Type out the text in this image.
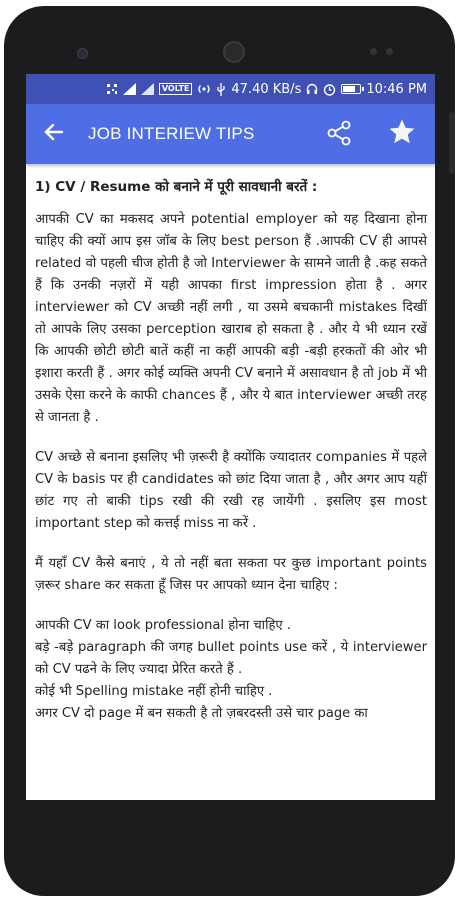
VOLTE	47.40 KB/s	10:46 PM
JOB INTERIEW TIPS

1) CV / Resume को बनाने में पूरी सावधानी बरतें :

आपकी CV का मकसद अपने potential employer को यह दिखाना होना चाहिए की क्यों आप इस जॉब के लिए best person हैं .आपकी CV ही आपसे related वो पहली चीज होती है जो Interviewer के सामने जाती है .कह सकते हैं कि उनकी नज़रों में यही आपका first impression होता है . अगर interviewer को CV अच्छी नहीं लगी , या उसमे बचकानी mistakes दिखीं तो आपके लिए उसका perception खाराब हो सकता है . और ये भी ध्यान रखें कि आपकी छोटी छोटी बातें कहीं ना कहीं आपकी बड़ी -बड़ी हरकतों की ओर भी इशारा करती हैं . अगर कोई व्यक्ति अपनी CV बनाने में असावधान है तो job में भी उसके ऐसा करने के काफी chances हैं , और ये बात interviewer अच्छी तरह से जानता है .

CV अच्छे से बनाना इसलिए भी ज़रूरी है क्योंकि ज्यादातर companies में पहले CV के basis पर ही candidates को छांट दिया जाता है , और अगर आप यहीं छांट गए तो बाकी tips रखी की रखी रह जायेंगी . इसलिए इस most important step को कत्तई miss ना करें .

मैं यहाँ CV कैसे बनाएं , ये तो नहीं बता सकता पर कुछ important points ज़रूर share कर सकता हूँ जिस पर आपको ध्यान देना चाहिए :

आपकी CV का look professional होना चाहिए .

बड़े -बड़े paragraph की जगह bullet points use करें , ये interviewer को CV पढने के लिए ज्यादा प्रेरित करते हैं .

कोई भी Spelling mistake नहीं होनी चाहिए .

अगर CV दो page में बन सकती है तो ज़बरदस्ती उसे चार page का
